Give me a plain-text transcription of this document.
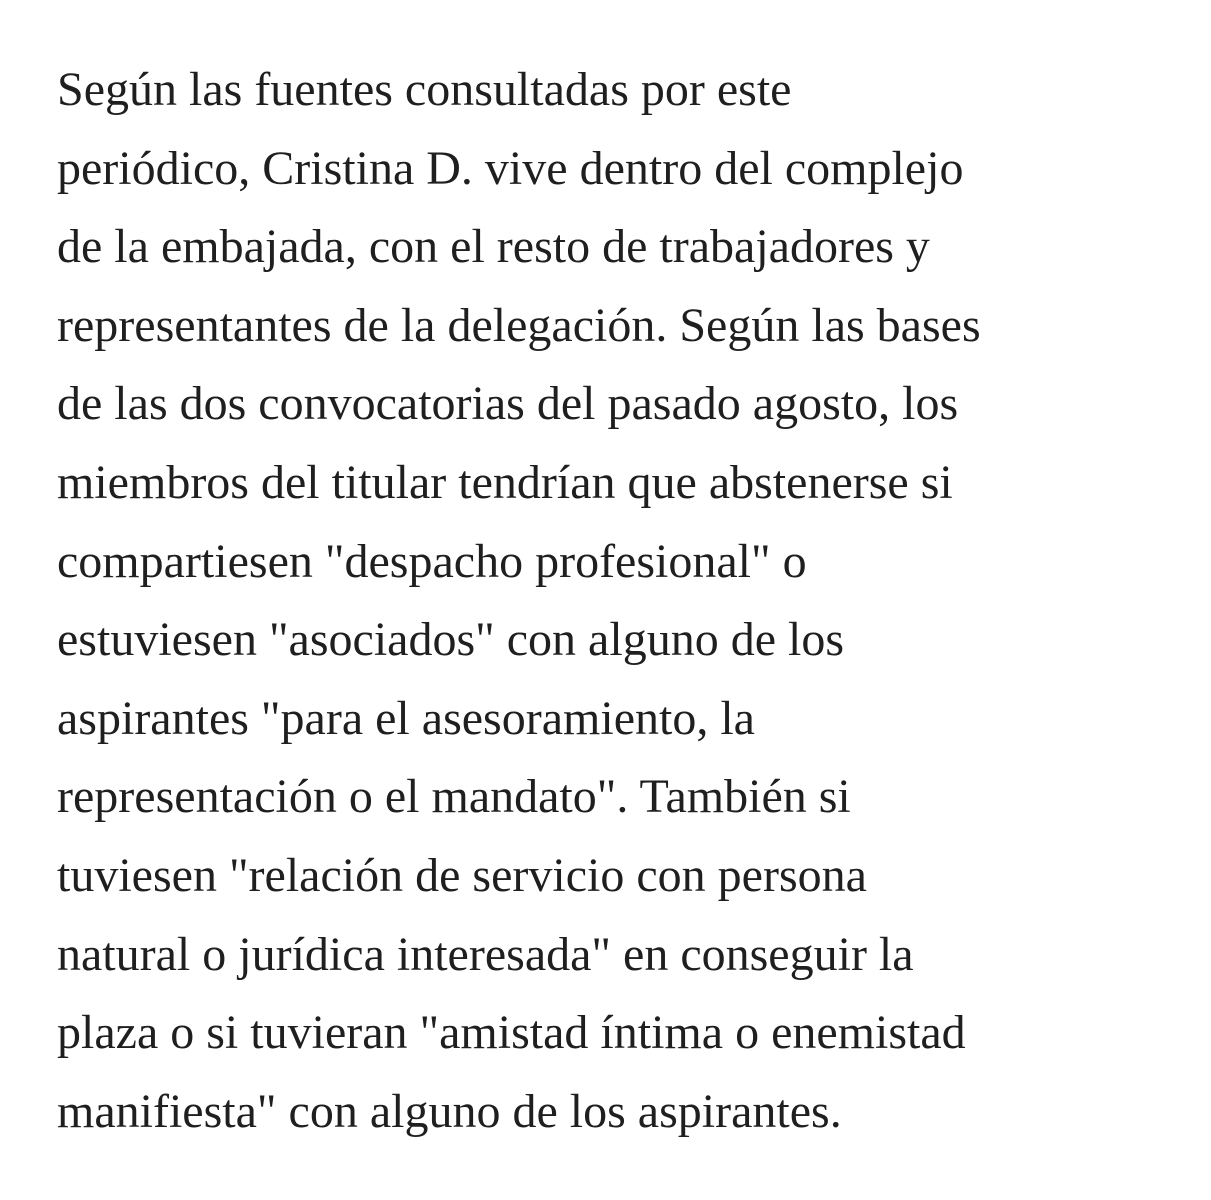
Según las fuentes consultadas por este
periódico, Cristina D. vive dentro del complejo
de la embajada, con el resto de trabajadores y
representantes de la delegación. Según las bases
de las dos convocatorias del pasado agosto, los
miembros del titular tendrían que abstenerse si
compartiesen "despacho profesional" o
estuviesen "asociados" con alguno de los
aspirantes "para el asesoramiento, la
representación o el mandato". También si
tuviesen "relación de servicio con persona
natural o jurídica interesada" en conseguir la
plaza o si tuvieran "amistad íntima o enemistad
manifiesta" con alguno de los aspirantes.
